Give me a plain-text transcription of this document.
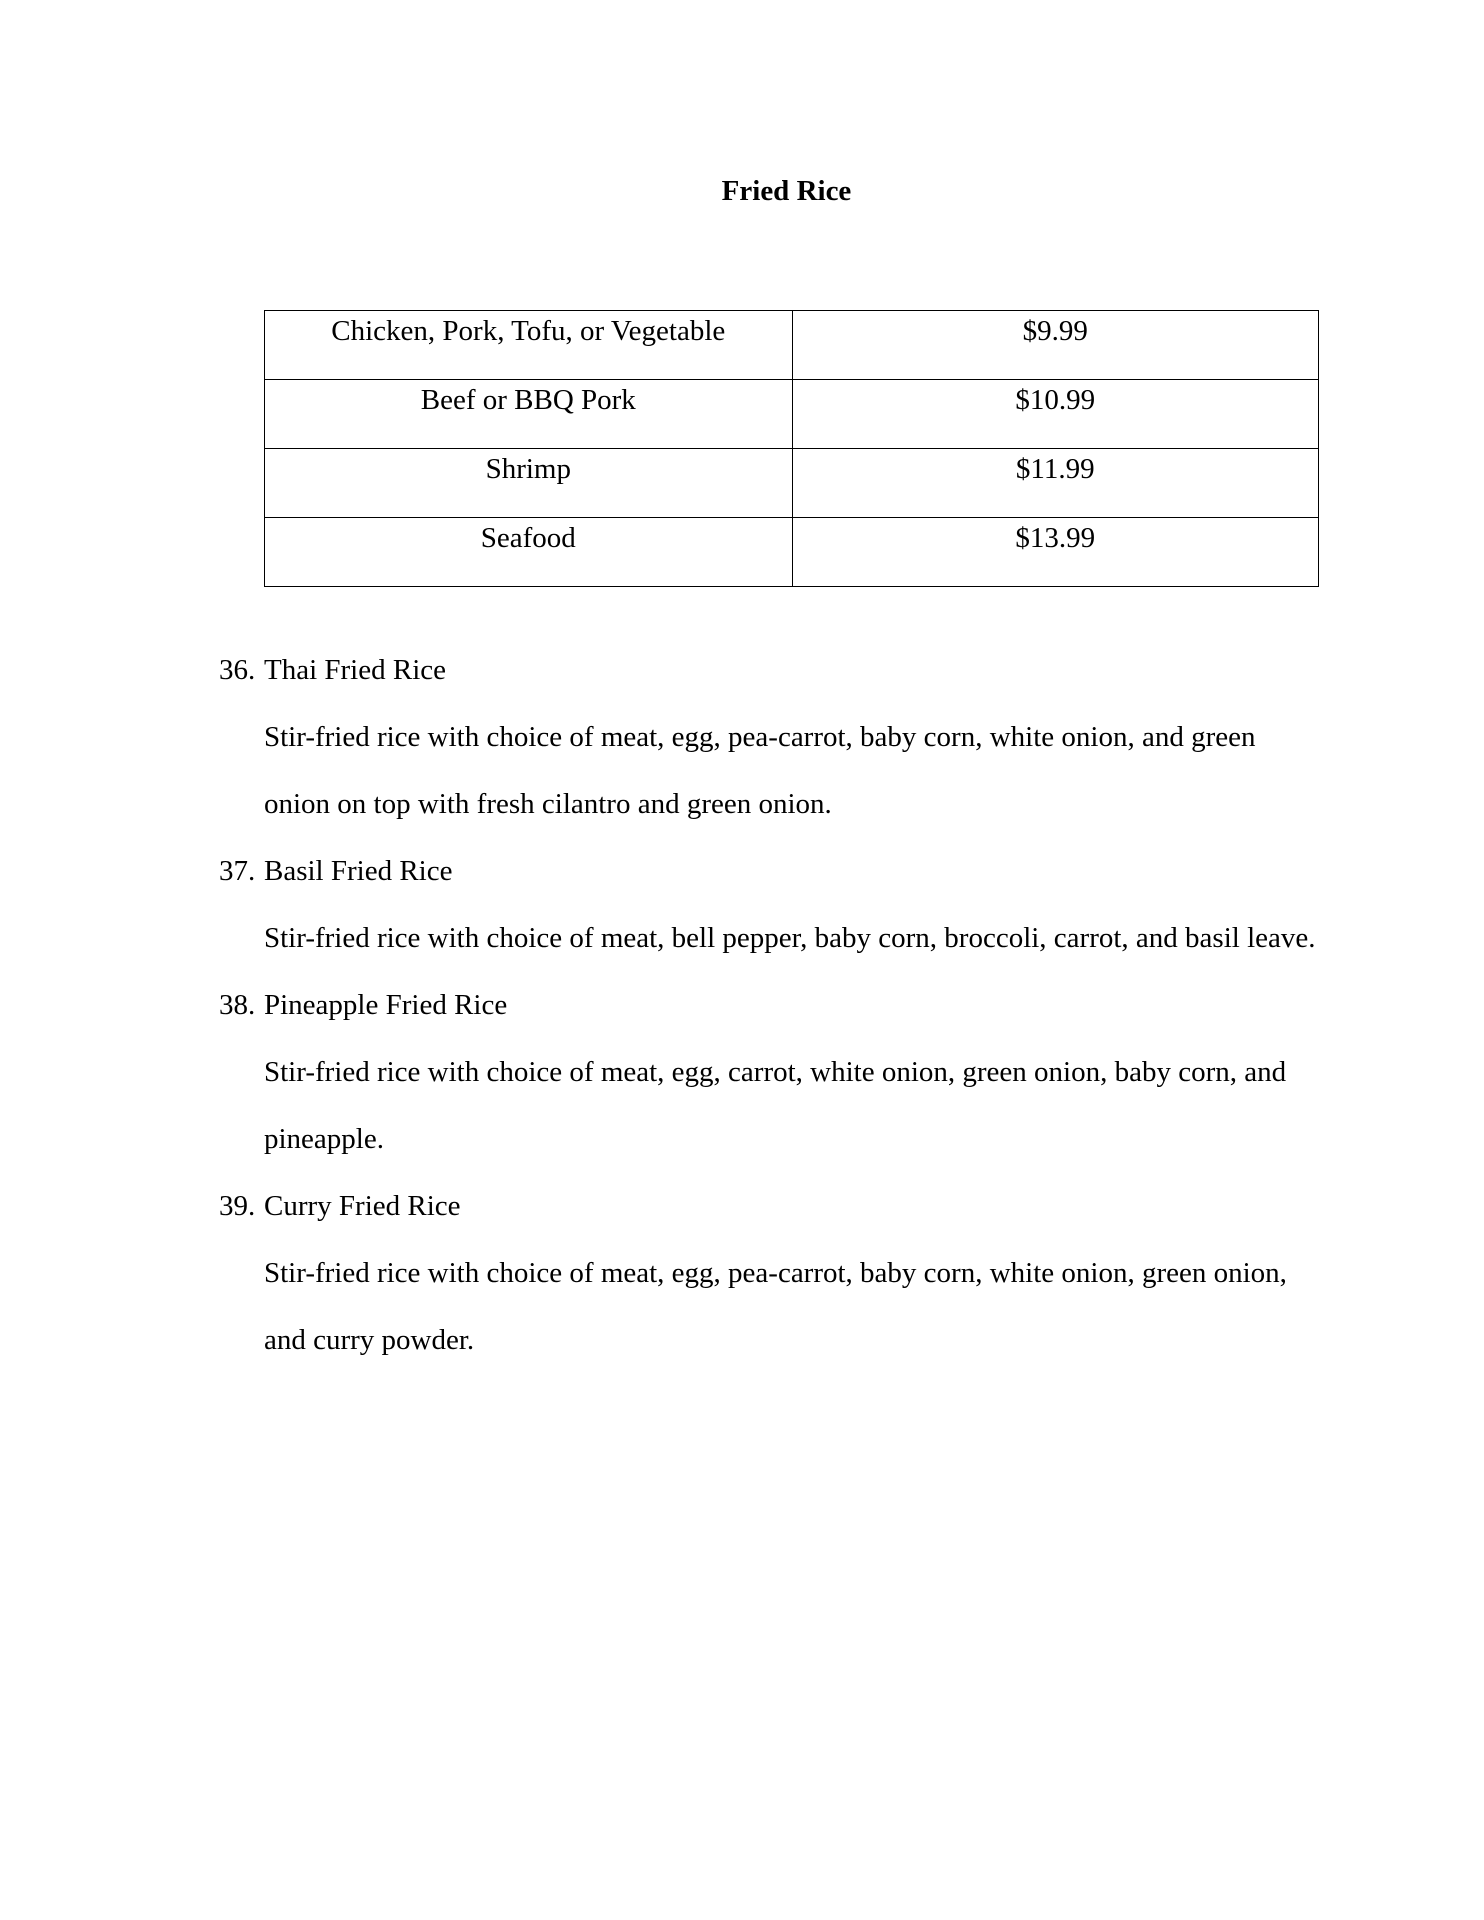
Fried Rice
Chicken, Pork, Tofu, or Vegetable	$9.99

Beef or BBQ Pork	$10.99

Shrimp	$11.99

Seafood	$13.99
36. Thai Fried Rice

Stir-fried rice with choice of meat, egg, pea-carrot, baby corn, white onion, and green onion on top with fresh cilantro and green onion.

37. Basil Fried Rice

Stir-fried rice with choice of meat, bell pepper, baby corn, broccoli, carrot, and basil leave.

38. Pineapple Fried Rice

Stir-fried rice with choice of meat, egg, carrot, white onion, green onion, baby corn, and pineapple.

39. Curry Fried Rice

Stir-fried rice with choice of meat, egg, pea-carrot, baby corn, white onion, green onion, and curry powder.
